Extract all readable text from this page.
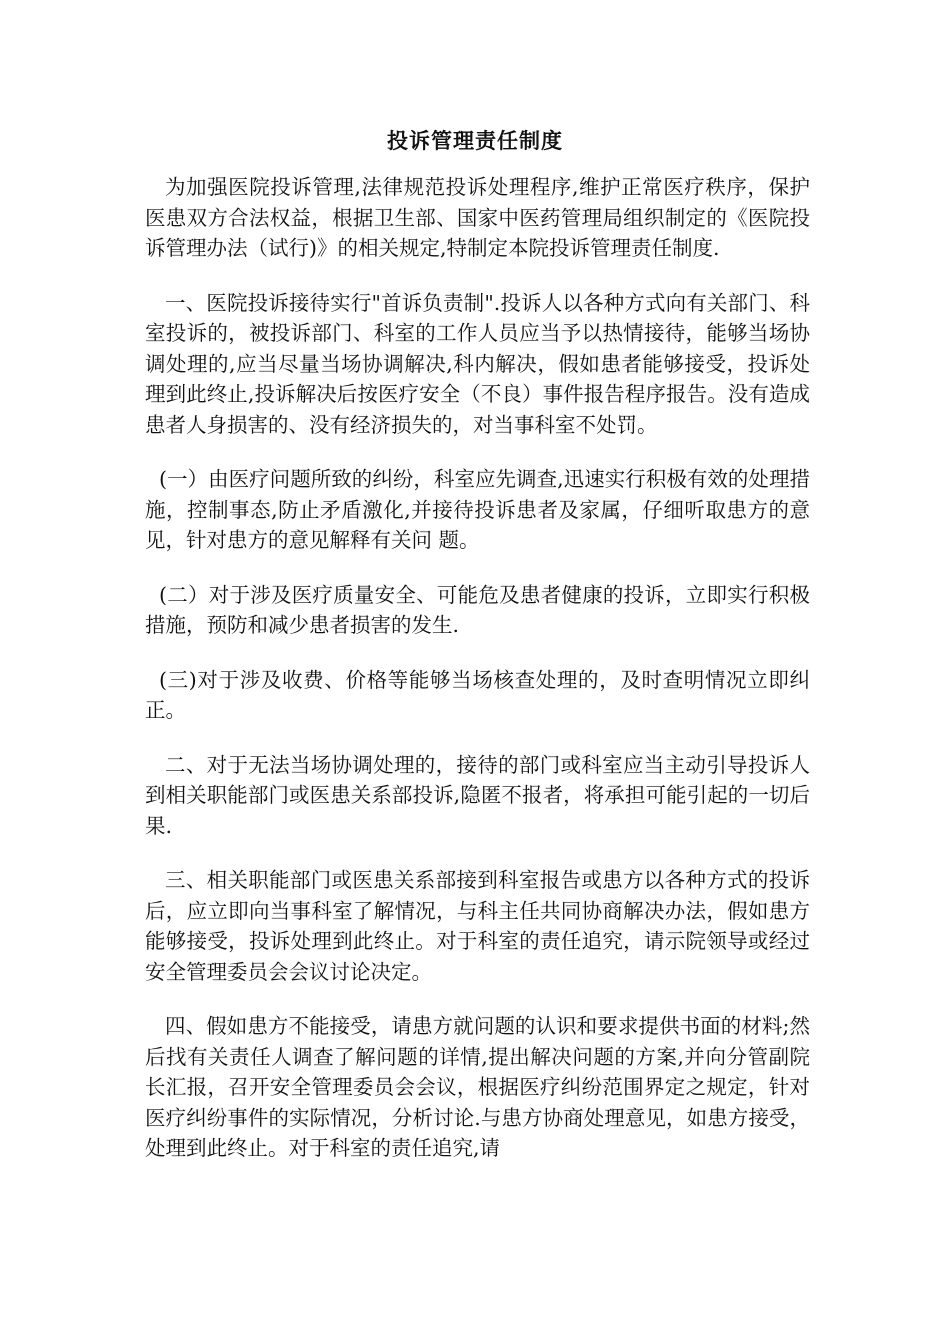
投诉管理责任制度

为加强医院投诉管理,法律规范投诉处理程序,维护正常医疗秩序，保护医患双方合法权益，根据卫生部、国家中医药管理局组织制定的《医院投诉管理办法（试行)》的相关规定,特制定本院投诉管理责任制度.

一、医院投诉接待实行"首诉负责制".投诉人以各种方式向有关部门、科室投诉的，被投诉部门、科室的工作人员应当予以热情接待，能够当场协调处理的,应当尽量当场协调解决,科内解决，假如患者能够接受，投诉处理到此终止,投诉解决后按医疗安全（不良）事件报告程序报告。没有造成患者人身损害的、没有经济损失的，对当事科室不处罚。

(一）由医疗问题所致的纠纷，科室应先调查,迅速实行积极有效的处理措施，控制事态,防止矛盾激化,并接待投诉患者及家属，仔细听取患方的意见，针对患方的意见解释有关问 题。

(二）对于涉及医疗质量安全、可能危及患者健康的投诉，立即实行积极措施，预防和减少患者损害的发生.

(三)对于涉及收费、价格等能够当场核查处理的，及时查明情况立即纠正。

二、对于无法当场协调处理的，接待的部门或科室应当主动引导投诉人到相关职能部门或医患关系部投诉,隐匿不报者，将承担可能引起的一切后果.

三、相关职能部门或医患关系部接到科室报告或患方以各种方式的投诉后，应立即向当事科室了解情况，与科主任共同协商解决办法，假如患方能够接受，投诉处理到此终止。对于科室的责任追究，请示院领导或经过安全管理委员会会议讨论决定。

四、假如患方不能接受，请患方就问题的认识和要求提供书面的材料;然后找有关责任人调查了解问题的详情,提出解决问题的方案,并向分管副院长汇报，召开安全管理委员会会议，根据医疗纠纷范围界定之规定，针对医疗纠纷事件的实际情况，分析讨论.与患方协商处理意见，如患方接受，处理到此终止。对于科室的责任追究,请
